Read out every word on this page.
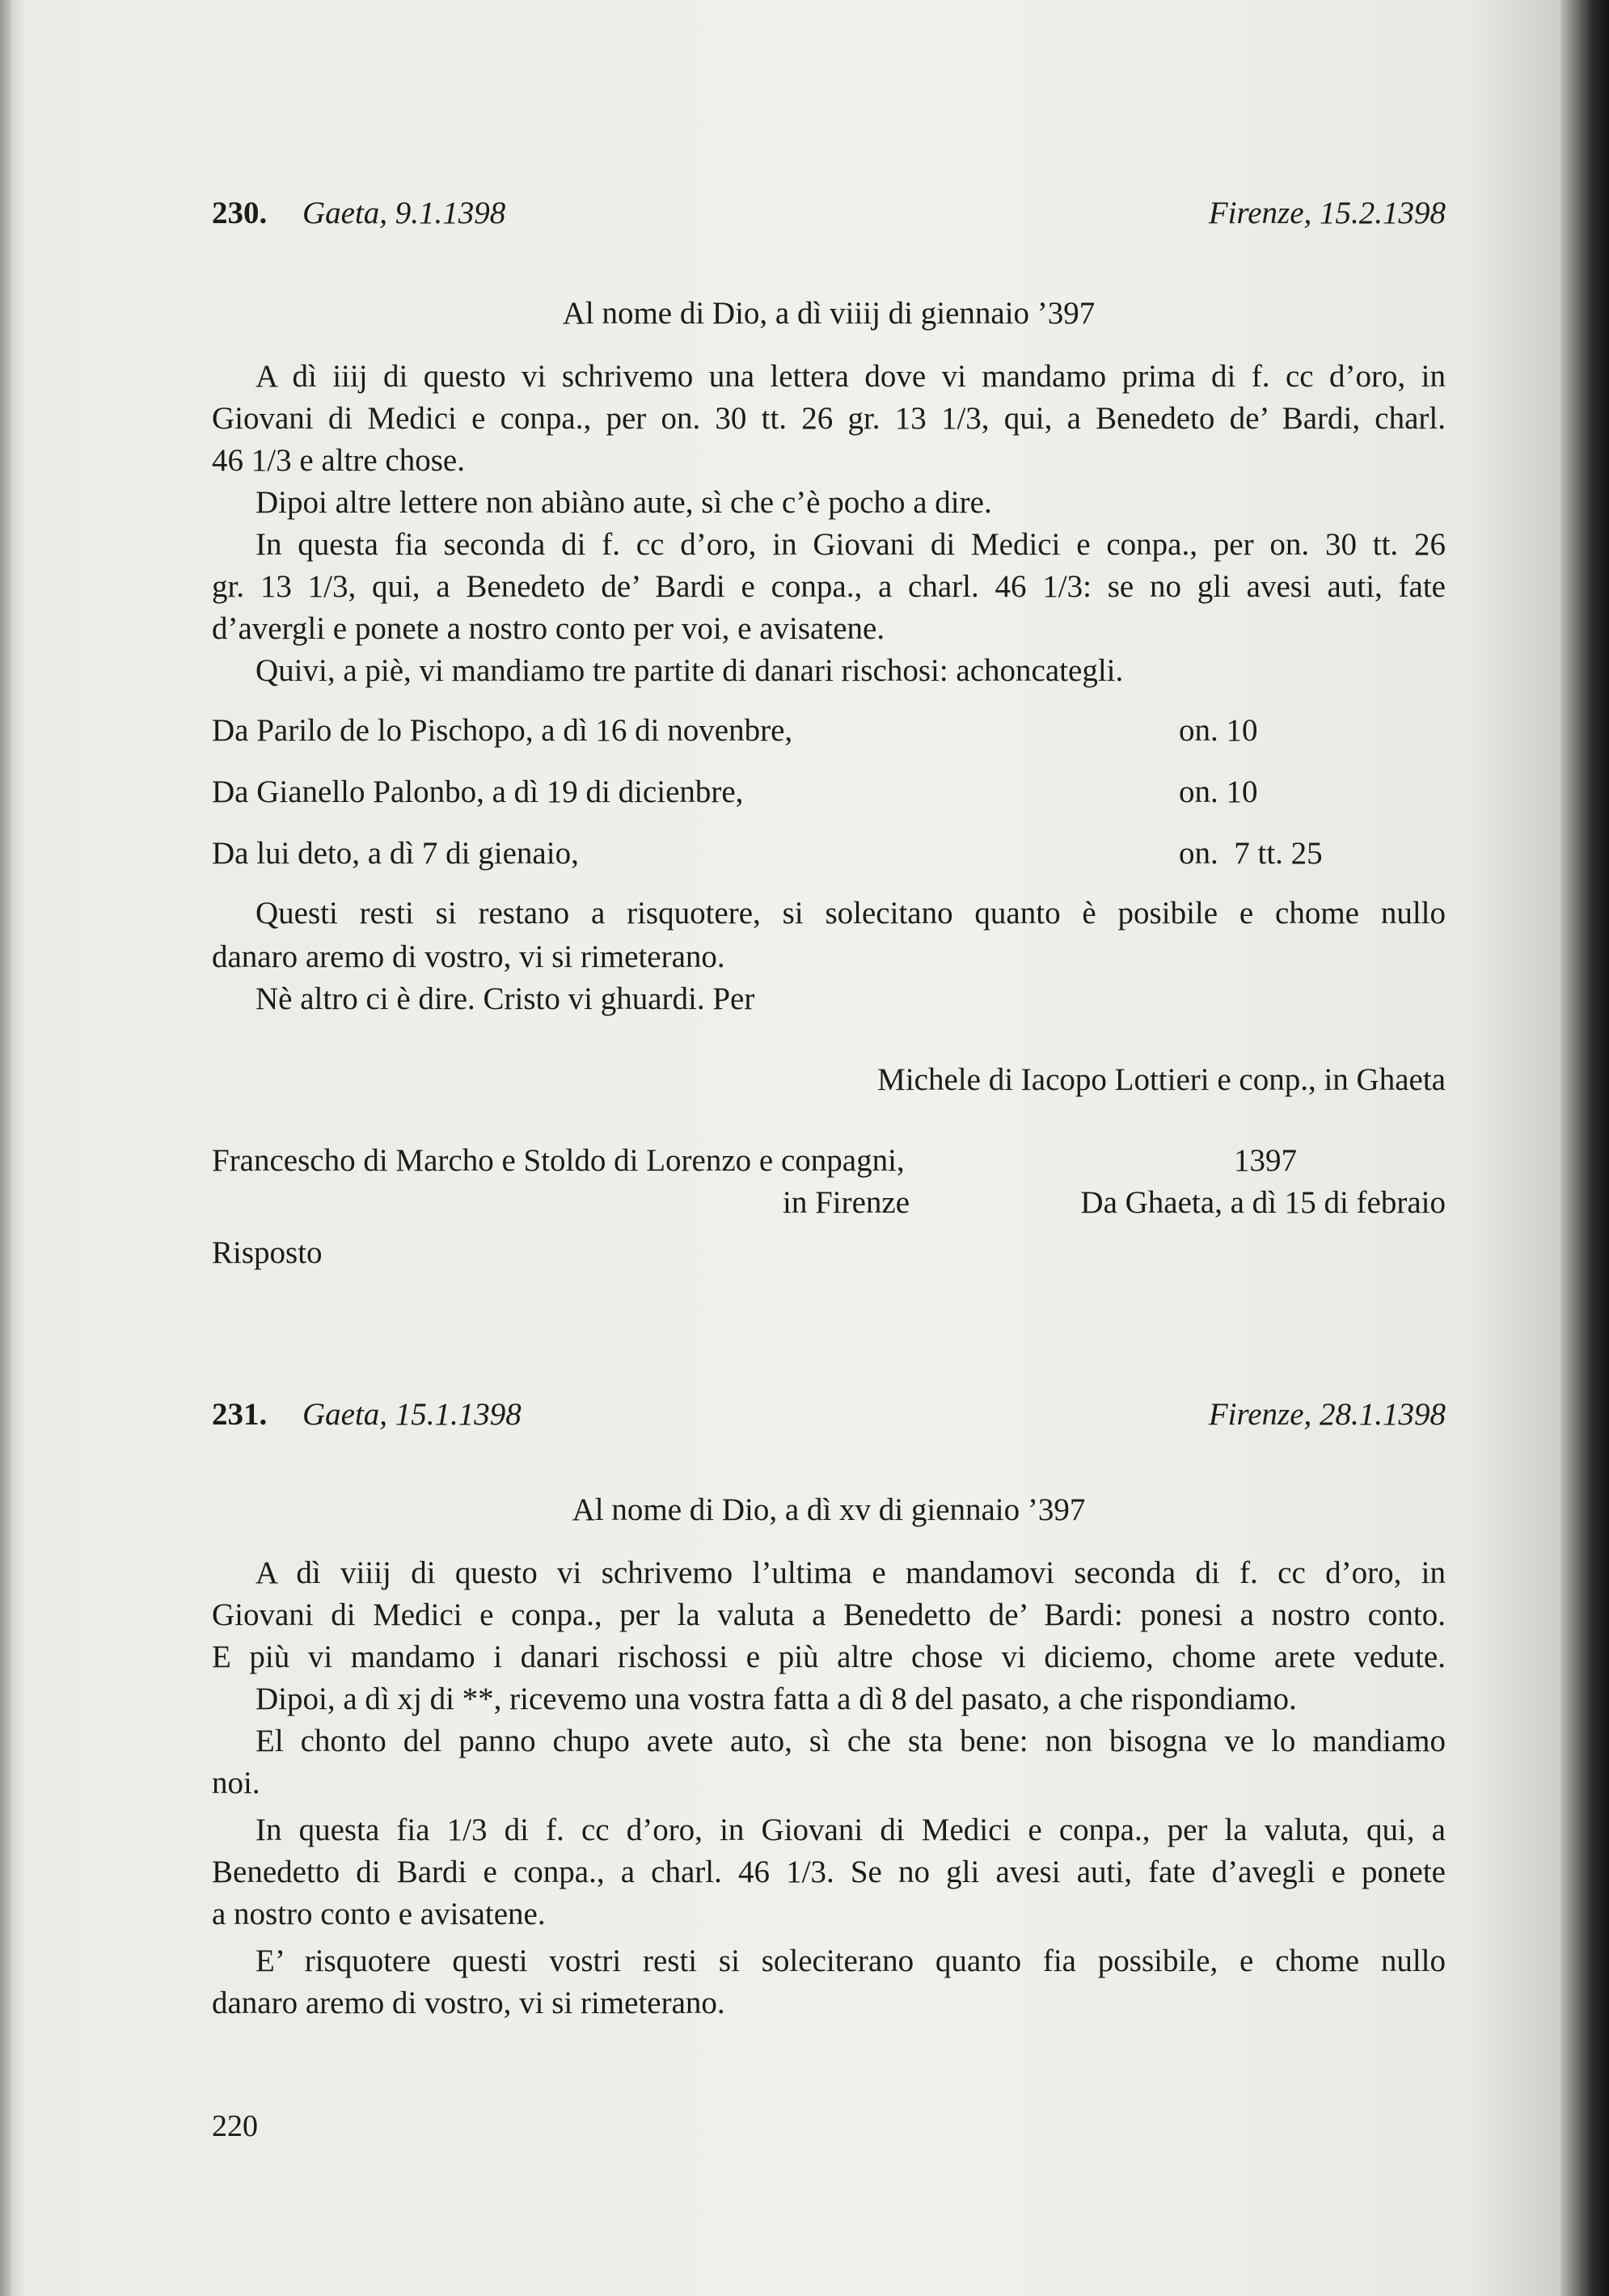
230. Gaeta, 9.1.1398	Firenze, 15.2.1398
Al nome di Dio, a dì viiij di giennaio ’397
A dì iiij di questo vi schrivemo una lettera dove vi mandamo prima di f. cc d’oro, in
Giovani di Medici e conpa., per on. 30 tt. 26 gr. 13 1/3, qui, a Benedeto de’ Bardi, charl.
46 1/3 e altre chose.
Dipoi altre lettere non abiàno aute, sì che c’è pocho a dire.
In questa fia seconda di f. cc d’oro, in Giovani di Medici e conpa., per on. 30 tt. 26
gr. 13 1/3, qui, a Benedeto de’ Bardi e conpa., a charl. 46 1/3: se no gli avesi auti, fate
d’avergli e ponete a nostro conto per voi, e avisatene.
Quivi, a piè, vi mandiamo tre partite di danari rischosi: achoncategli.
Da Parilo de lo Pischopo, a dì 16 di novenbre,	on. 10
Da Gianello Palonbo, a dì 19 di dicienbre,	on. 10
Da lui deto, a dì 7 di gienaio,	on.  7 tt. 25
Questi resti si restano a risquotere, si solecitano quanto è posibile e chome nullo
danaro aremo di vostro, vi si rimeterano.
Nè altro ci è dire. Cristo vi ghuardi. Per
Michele di Iacopo Lottieri e conp., in Ghaeta
Francescho di Marcho e Stoldo di Lorenzo e conpagni,	1397
in Firenze	Da Ghaeta, a dì 15 di febraio
Risposto
231. Gaeta, 15.1.1398	Firenze, 28.1.1398
Al nome di Dio, a dì xv di giennaio ’397
A dì viiij di questo vi schrivemo l’ultima e mandamovi seconda di f. cc d’oro, in
Giovani di Medici e conpa., per la valuta a Benedetto de’ Bardi: ponesi a nostro conto.
E più vi mandamo i danari rischossi e più altre chose vi diciemo, chome arete vedute.
Dipoi, a dì xj di **, ricevemo una vostra fatta a dì 8 del pasato, a che rispondiamo.
El chonto del panno chupo avete auto, sì che sta bene: non bisogna ve lo mandiamo
noi.
In questa fia 1/3 di f. cc d’oro, in Giovani di Medici e conpa., per la valuta, qui, a
Benedetto di Bardi e conpa., a charl. 46 1/3. Se no gli avesi auti, fate d’avegli e ponete
a nostro conto e avisatene.
E’ risquotere questi vostri resti si soleciterano quanto fia possibile, e chome nullo
danaro aremo di vostro, vi si rimeterano.
220
